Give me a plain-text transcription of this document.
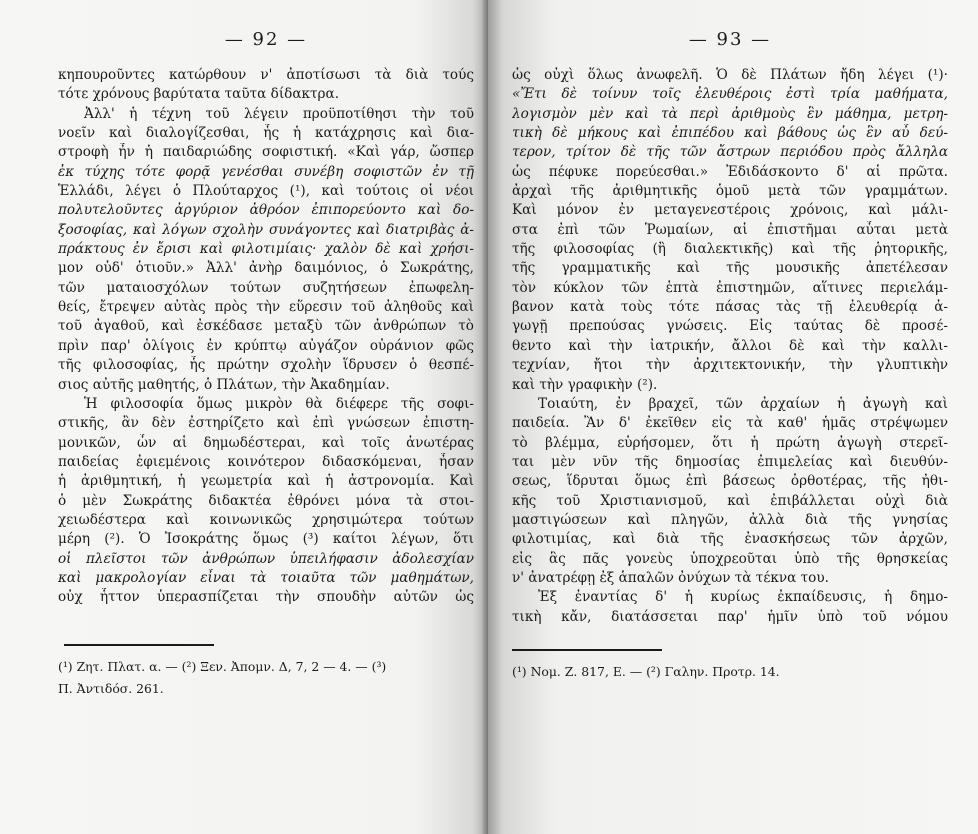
— 92 —
κηπουροῦντες κατώρθουν ν' ἀποτίσωσι τὰ διὰ τούς
τότε χρόνους βαρύτατα ταῦτα δίδακτρα.
Ἀλλ' ἡ τέχνη τοῦ λέγειν προϋποτίθησι τὴν τοῦ
νοεῖν καὶ διαλογίζεσθαι, ἧς ἡ κατάχρησις καὶ δια-
στροφὴ ἦν ἡ παιδαριώδης σοφιστική. «Καὶ γάρ, ὥσπερ
ἐκ τύχης τότε φορᾷ γενέσθαι συνέβη σοφιστῶν ἐν τῇ
Ἑλλάδι, λέγει ὁ Πλούταρχος (¹), καὶ τούτοις οἱ νέοι
πολυτελοῦντες ἀργύριον ἀθρόον ἐπιπορεύοντο καὶ δο-
ξοσοφίας, καὶ λόγων σχολὴν συνάγοντες καὶ διατριβὰς ἀ-
πράκτους ἐν ἔρισι καὶ φιλοτιμίαις· χαλὸν δὲ καὶ χρήσι-
μον οὐδ' ὁτιοῦν.» Ἀλλ' ἀνὴρ δαιμόνιος, ὁ Σωκράτης,
τῶν ματαιοσχόλων τούτων συζητήσεων ἐπωφελη-
θείς, ἔτρεψεν αὐτὰς πρὸς τὴν εὕρεσιν τοῦ ἀληθοῦς καὶ
τοῦ ἀγαθοῦ, καὶ ἐσκέδασε μεταξὺ τῶν ἀνθρώπων τὸ
πρὶν παρ' ὀλίγοις ἐν κρύπτῳ αὐγάζον οὐράνιον φῶς
τῆς φιλοσοφίας, ἧς πρώτην σχολὴν ἵδρυσεν ὁ θεσπέ-
σιος αὐτῆς μαθητής, ὁ Πλάτων, τὴν Ἀκαδημίαν.
Ἡ φιλοσοφία ὅμως μικρὸν θὰ διέφερε τῆς σοφι-
στικῆς, ἂν δὲν ἐστηρίζετο καὶ ἐπὶ γνώσεων ἐπιστη-
μονικῶν, ὧν αἱ δημωδέστεραι, καὶ τοῖς ἀνωτέρας
παιδείας ἐφιεμένοις κοινότερον διδασκόμεναι, ἦσαν
ἡ ἀριθμητική, ἡ γεωμετρία καὶ ἡ ἀστρονομία. Καὶ
ὁ μὲν Σωκράτης διδακτέα ἐθρόνει μόνα τὰ στοι-
χειωδέστερα καὶ κοινωνικῶς χρησιμώτερα τούτων
μέρη (²). Ὁ Ἰσοκράτης ὅμως (³) καίτοι λέγων, ὅτι
οἱ πλεῖστοι τῶν ἀνθρώπων ὑπειλήφασιν ἀδολεσχίαν
καὶ μακρολογίαν εἶναι τὰ τοιαῦτα τῶν μαθημάτων,
οὐχ ἧττον ὑπερασπίζεται τὴν σπουδὴν αὐτῶν ὡς
(¹) Ζητ. Πλατ. α. — (²) Ξεν. Ἀπομν. Δ, 7, 2 — 4. — (³)
Π. Ἀντιδόσ. 261.
— 93 —
ὡς οὐχὶ ὅλως ἀνωφελῆ. Ὁ δὲ Πλάτων ἤδη λέγει (¹)·
«Ἔτι δὲ τοίνυν τοῖς ἐλευθέροις ἐστὶ τρία μαθήματα,
λογισμὸν μὲν καὶ τὰ περὶ ἀριθμοὺς ἓν μάθημα, μετρη-
τικὴ δὲ μήκους καὶ ἐπιπέδου καὶ βάθους ὡς ἓν αὖ δεύ-
τερον, τρίτον δὲ τῆς τῶν ἄστρων περιόδου πρὸς ἄλληλα
ὡς πέφυκε πορεύεσθαι.» Ἐδιδάσκοντο δ' αἱ πρῶτα.
ἀρχαὶ τῆς ἀριθμητικῆς ὁμοῦ μετὰ τῶν γραμμάτων.
Καὶ μόνον ἐν μεταγενεστέροις χρόνοις, καὶ μάλι-
στα ἐπὶ τῶν Ῥωμαίων, αἱ ἐπιστῆμαι αὗται μετὰ
τῆς φιλοσοφίας (ἢ διαλεκτικῆς) καὶ τῆς ῥητορικῆς,
τῆς γραμματικῆς καὶ τῆς μουσικῆς ἀπετέλεσαν
τὸν κύκλον τῶν ἑπτὰ ἐπιστημῶν, αἵτινες περιελάμ-
βανον κατὰ τοὺς τότε πάσας τὰς τῇ ἐλευθερίᾳ ἀ-
γωγῇ πρεπούσας γνώσεις. Εἰς ταύτας δὲ προσέ-
θεντο καὶ τὴν ἰατρικήν, ἄλλοι δὲ καὶ τὴν καλλι-
τεχνίαν, ἤτοι τὴν ἀρχιτεκτονικήν, τὴν γλυπτικὴν
καὶ τὴν γραφικὴν (²).
Τοιαύτη, ἐν βραχεῖ, τῶν ἀρχαίων ἡ ἀγωγὴ καὶ
παιδεία. Ἂν δ' ἐκεῖθεν εἰς τὰ καθ' ἡμᾶς στρέψωμεν
τὸ βλέμμα, εὑρήσομεν, ὅτι ἡ πρώτη ἀγωγὴ στερεῖ-
ται μὲν νῦν τῆς δημοσίας ἐπιμελείας καὶ διευθύν-
σεως, ἵδρυται ὅμως ἐπὶ βάσεως ὀρθοτέρας, τῆς ἠθι-
κῆς τοῦ Χριστιανισμοῦ, καὶ ἐπιβάλλεται οὐχὶ διὰ
μαστιγώσεων καὶ πληγῶν, ἀλλὰ διὰ τῆς γνησίας
φιλοτιμίας, καὶ διὰ τῆς ἐνασκήσεως τῶν ἀρχῶν,
εἰς ἃς πᾶς γονεὺς ὑποχρεοῦται ὑπὸ τῆς θρησκείας
ν' ἀνατρέφῃ ἐξ ἁπαλῶν ὀνύχων τὰ τέκνα του.
Ἐξ ἐναντίας δ' ἡ κυρίως ἐκπαίδευσις, ἡ δημο-
τικὴ κἄν, διατάσσεται παρ' ἡμῖν ὑπὸ τοῦ νόμου
(¹) Νομ. Ζ. 817, Ε. — (²) Γαλην. Προτρ. 14.
